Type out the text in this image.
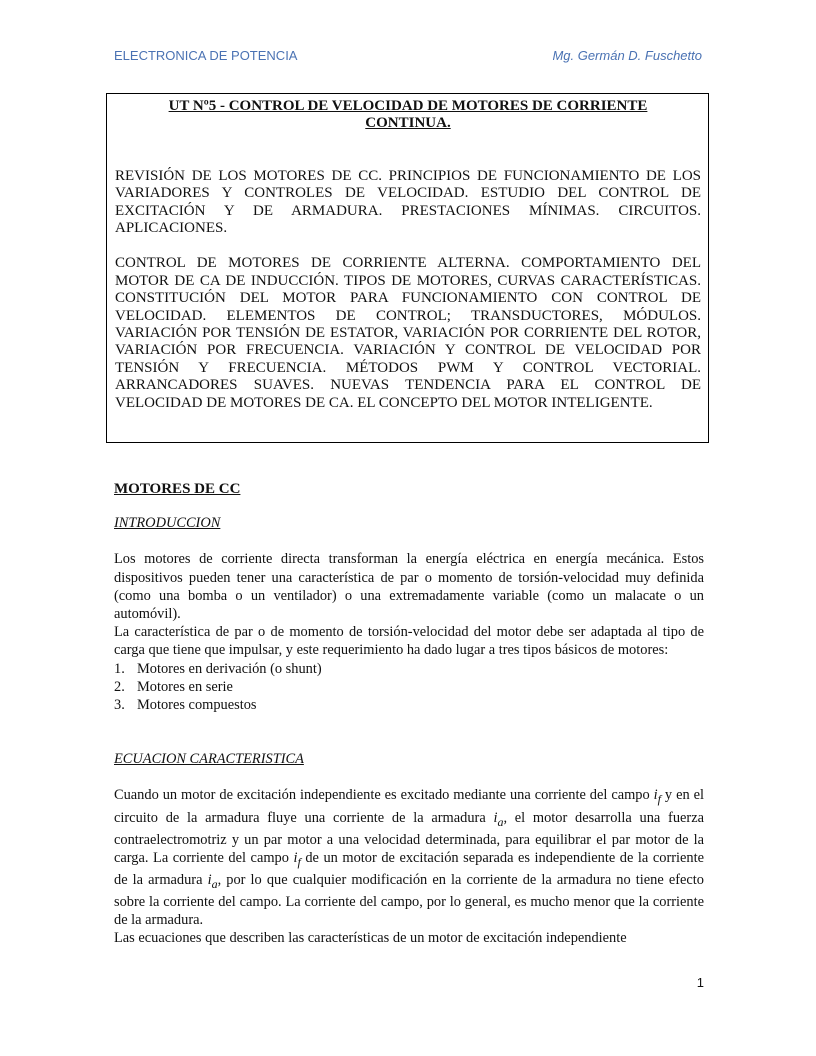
ELECTRONICA DE POTENCIA	Mg. Germán D. Fuschetto

UT Nº5 - CONTROL DE VELOCIDAD DE MOTORES DE CORRIENTE
CONTINUA.

REVISIÓN DE LOS MOTORES DE CC. PRINCIPIOS DE FUNCIONAMIENTO DE LOS VARIADORES Y CONTROLES DE VELOCIDAD. ESTUDIO DEL CONTROL DE EXCITACIÓN Y DE ARMADURA. PRESTACIONES MÍNIMAS. CIRCUITOS. APLICACIONES.

CONTROL DE MOTORES DE CORRIENTE ALTERNA. COMPORTAMIENTO DEL MOTOR DE CA DE INDUCCIÓN. TIPOS DE MOTORES, CURVAS CARACTERÍSTICAS. CONSTITUCIÓN DEL MOTOR PARA FUNCIONAMIENTO CON CONTROL DE VELOCIDAD. ELEMENTOS DE CONTROL; TRANSDUCTORES, MÓDULOS. VARIACIÓN POR TENSIÓN DE ESTATOR, VARIACIÓN POR CORRIENTE DEL ROTOR, VARIACIÓN POR FRECUENCIA. VARIACIÓN Y CONTROL DE VELOCIDAD POR TENSIÓN Y FRECUENCIA. MÉTODOS PWM Y CONTROL VECTORIAL. ARRANCADORES SUAVES. NUEVAS TENDENCIA PARA EL CONTROL DE VELOCIDAD DE MOTORES DE CA. EL CONCEPTO DEL MOTOR INTELIGENTE.

MOTORES DE CC

INTRODUCCION

Los motores de corriente directa transforman la energía eléctrica en energía mecánica. Estos dispositivos pueden tener una característica de par o momento de torsión-velocidad muy definida (como una bomba o un ventilador) o una extremadamente variable (como un malacate o un automóvil).

La característica de par o de momento de torsión-velocidad del motor debe ser adaptada al tipo de carga que tiene que impulsar, y este requerimiento ha dado lugar a tres tipos básicos de motores:

1. Motores en derivación (o shunt)
2. Motores en serie
3. Motores compuestos

ECUACION CARACTERISTICA

Cuando un motor de excitación independiente es excitado mediante una corriente del campo $i_f$ y en el circuito de la armadura fluye una corriente de la armadura $i_a$, el motor desarrolla una fuerza contraelectromotriz y un par motor a una velocidad determinada, para equilibrar el par motor de la carga. La corriente del campo $i_f$ de un motor de excitación separada es independiente de la corriente de la armadura $i_a$, por lo que cualquier modificación en la corriente de la armadura no tiene efecto sobre la corriente del campo. La corriente del campo, por lo general, es mucho menor que la corriente de la armadura.

Las ecuaciones que describen las características de un motor de excitación independiente

1
